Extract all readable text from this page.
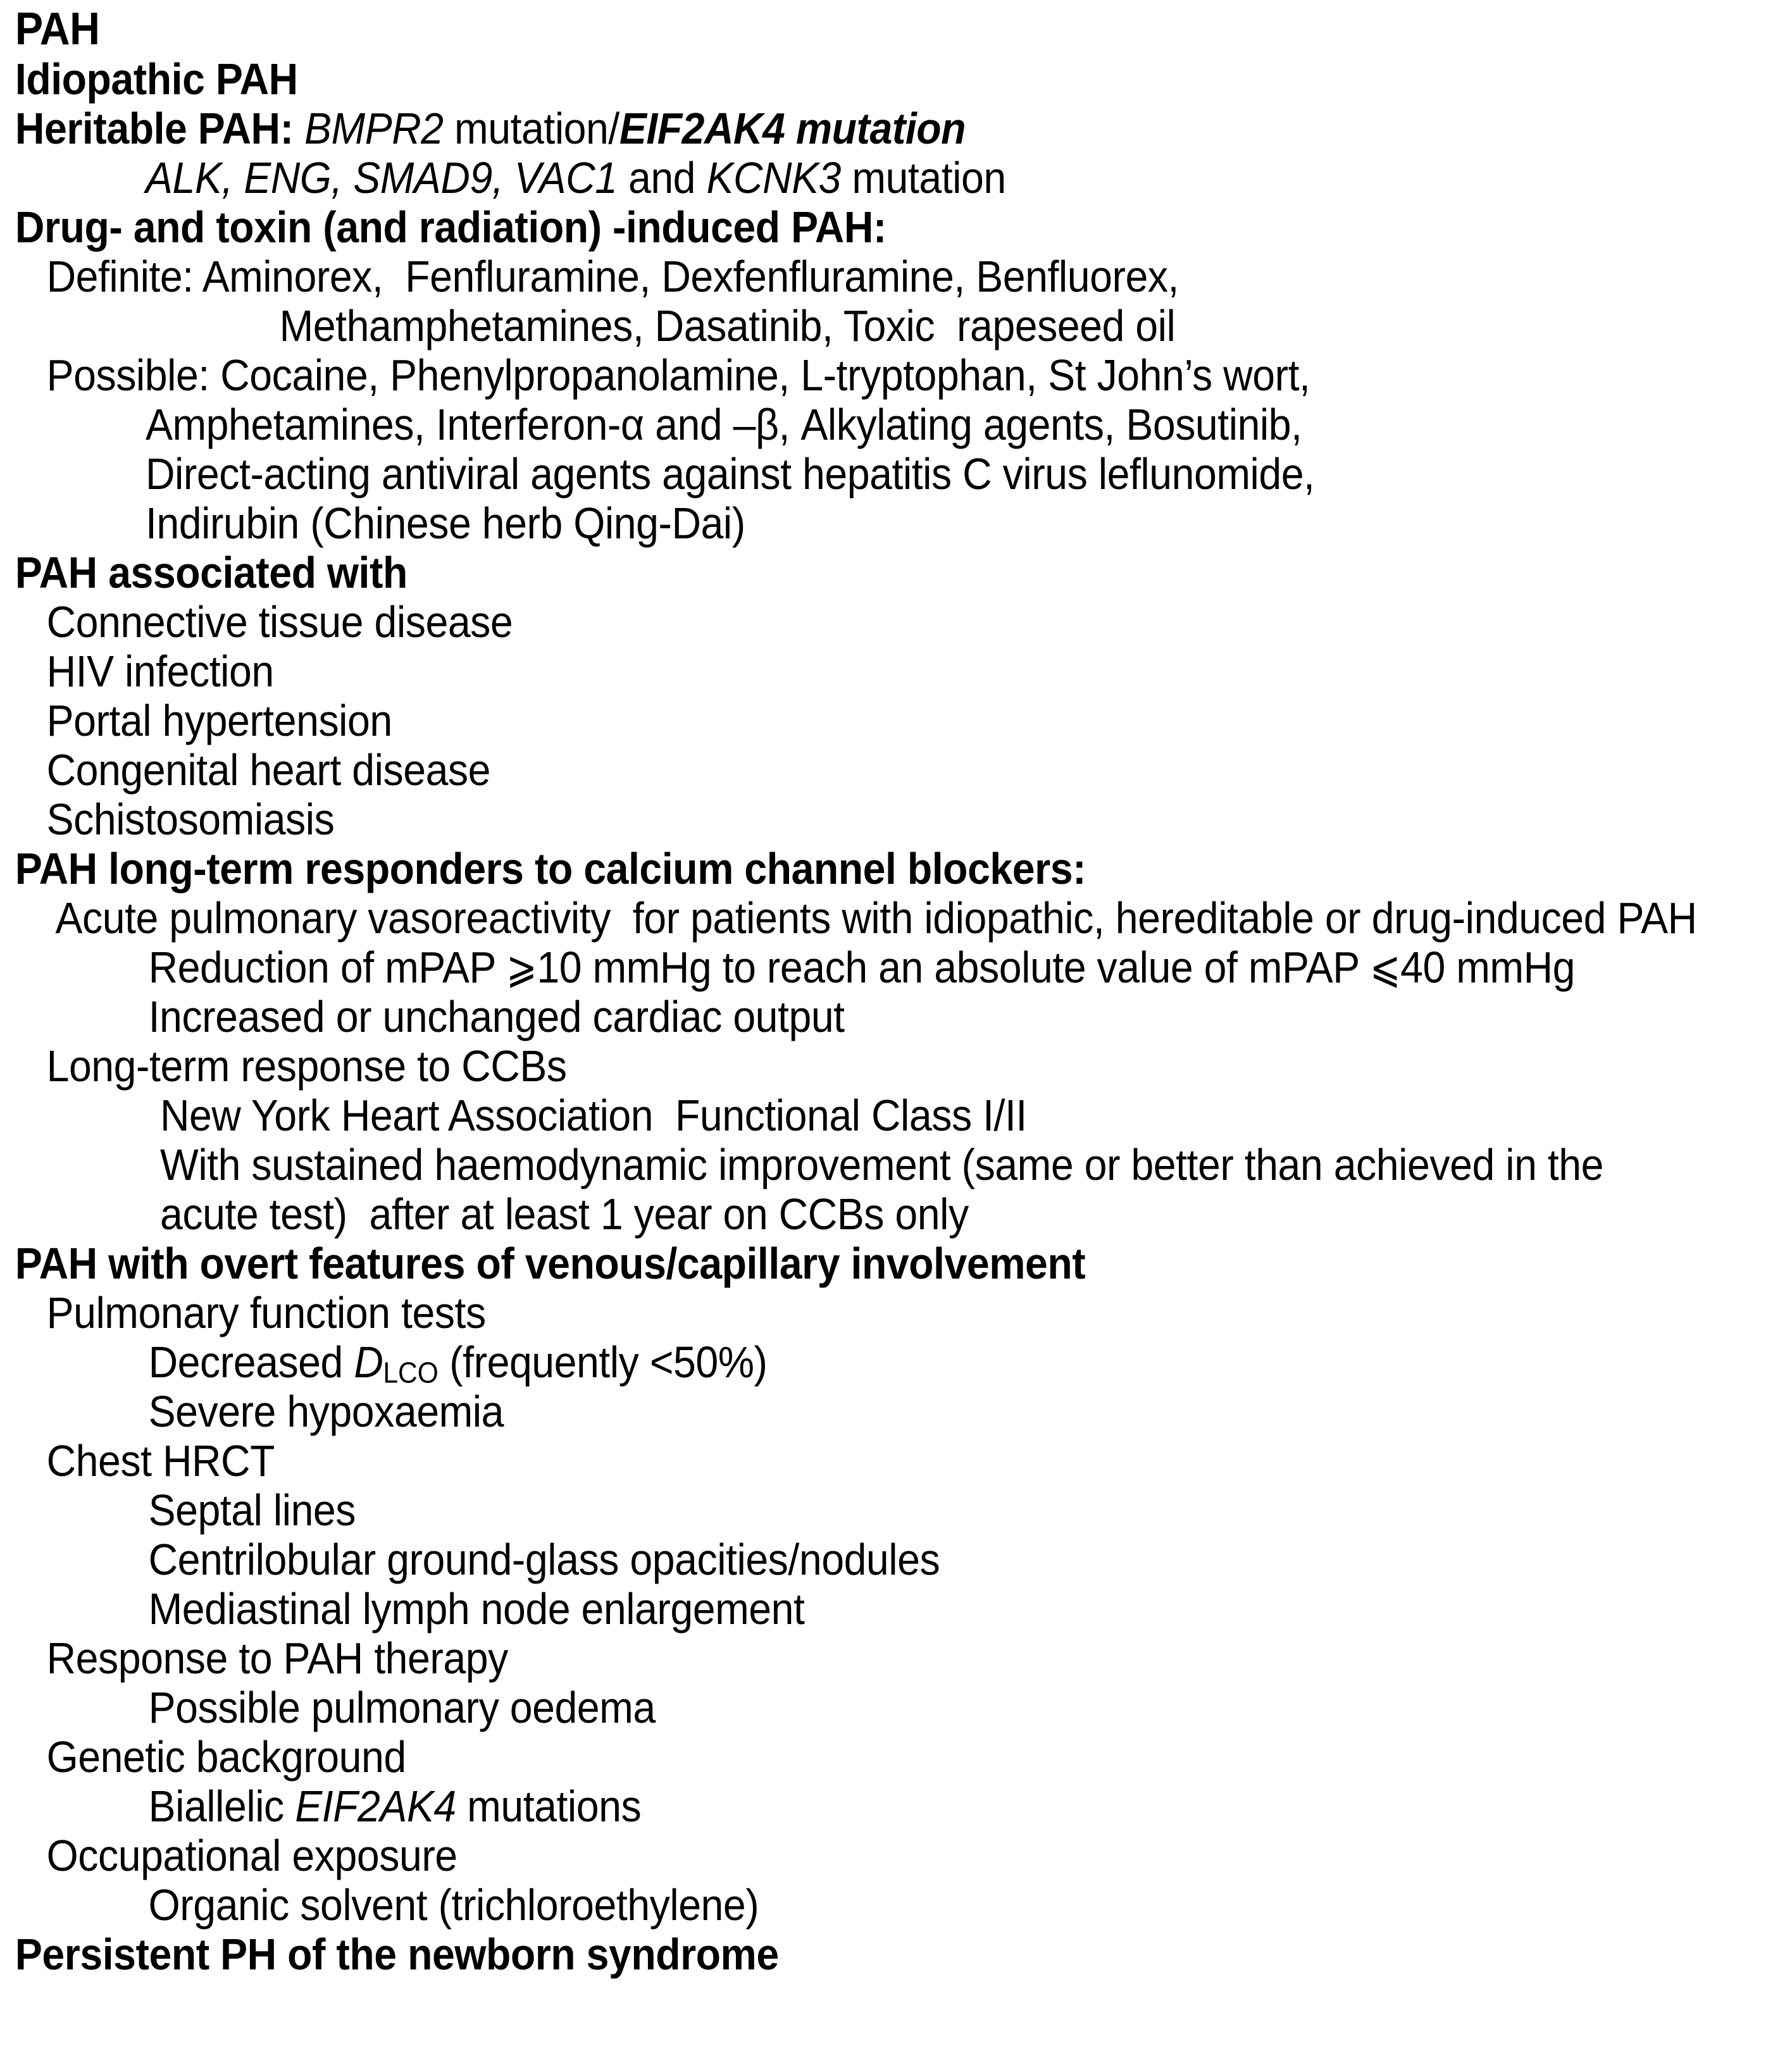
PAH
Idiopathic PAH
Heritable PAH: BMPR2 mutation/EIF2AK4 mutation
ALK, ENG, SMAD9, VAC1 and KCNK3 mutation
Drug- and toxin (and radiation) -induced PAH:
Definite: Aminorex,  Fenfluramine, Dexfenfluramine, Benfluorex,
Methamphetamines, Dasatinib, Toxic  rapeseed oil
Possible: Cocaine, Phenylpropanolamine, L-tryptophan, St John’s wort,
Amphetamines, Interferon-α and –β, Alkylating agents, Bosutinib,
Direct-acting antiviral agents against hepatitis C virus leflunomide,
Indirubin (Chinese herb Qing-Dai)
PAH associated with
Connective tissue disease
HIV infection
Portal hypertension
Congenital heart disease
Schistosomiasis
PAH long-term responders to calcium channel blockers:
Acute pulmonary vasoreactivity  for patients with idiopathic, hereditable or drug-induced PAH
Reduction of mPAP ⩾10 mmHg to reach an absolute value of mPAP ⩽40 mmHg
Increased or unchanged cardiac output
Long-term response to CCBs
New York Heart Association  Functional Class I/II
With sustained haemodynamic improvement (same or better than achieved in the
acute test)  after at least 1 year on CCBs only
PAH with overt features of venous/capillary involvement
Pulmonary function tests
Decreased DLCO (frequently <50%)
Severe hypoxaemia
Chest HRCT
Septal lines
Centrilobular ground-glass opacities/nodules
Mediastinal lymph node enlargement
Response to PAH therapy
Possible pulmonary oedema
Genetic background
Biallelic EIF2AK4 mutations
Occupational exposure
Organic solvent (trichloroethylene)
Persistent PH of the newborn syndrome
